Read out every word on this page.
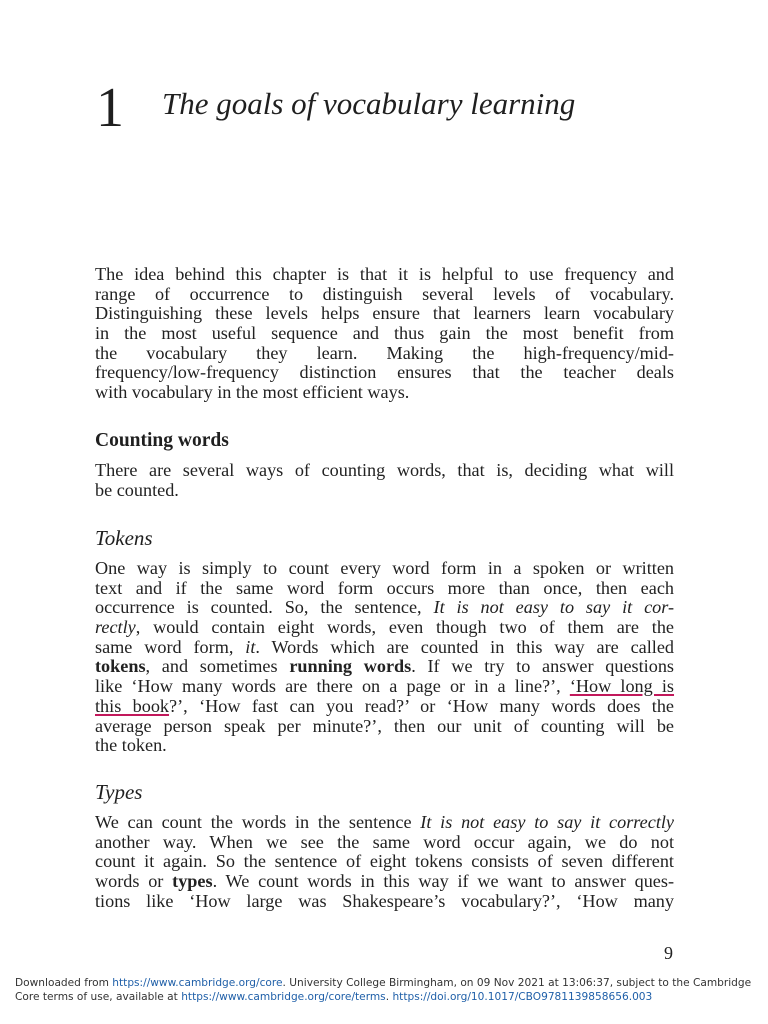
1 The goals of vocabulary learning
The idea behind this chapter is that it is helpful to use frequency and
range of occurrence to distinguish several levels of vocabulary.
Distinguishing these levels helps ensure that learners learn vocabulary
in the most useful sequence and thus gain the most benefit from
the vocabulary they learn. Making the high-frequency/mid-
frequency/low-frequency distinction ensures that the teacher deals
with vocabulary in the most efficient ways.
Counting words
There are several ways of counting words, that is, deciding what will
be counted.
Tokens
One way is simply to count every word form in a spoken or written
text and if the same word form occurs more than once, then each
occurrence is counted. So, the sentence, It is not easy to say it cor-
rectly, would contain eight words, even though two of them are the
same word form, it. Words which are counted in this way are called
tokens, and sometimes running words. If we try to answer questions
like ‘How many words are there on a page or in a line?’, ‘How long is
this book?’, ‘How fast can you read?’ or ‘How many words does the
average person speak per minute?’, then our unit of counting will be
the token.
Types
We can count the words in the sentence It is not easy to say it correctly
another way. When we see the same word occur again, we do not
count it again. So the sentence of eight tokens consists of seven different
words or types. We count words in this way if we want to answer ques-
tions like ‘How large was Shakespeare’s vocabulary?’, ‘How many
9
Downloaded from https://www.cambridge.org/core. University College Birmingham, on 09 Nov 2021 at 13:06:37, subject to the Cambridge
Core terms of use, available at https://www.cambridge.org/core/terms. https://doi.org/10.1017/CBO9781139858656.003
